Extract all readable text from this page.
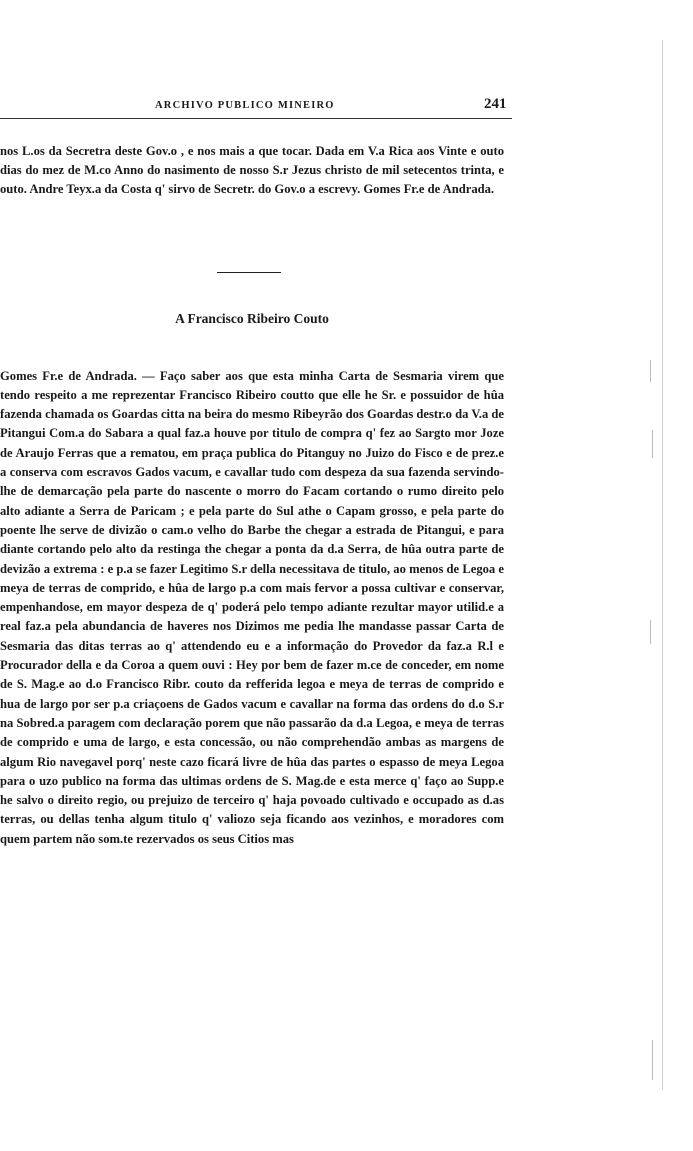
ARCHIVO PUBLICO MINEIRO	241

nos L.os da Secretra deste Gov.o , e nos mais a que tocar. Dada em V.a Rica aos Vinte e outo dias do mez de M.co Anno do nasimento de nosso S.r Jezus christo de mil setecentos trinta, e outo. Andre Teyx.a da Costa q' sirvo de Secretr. do Gov.o a escrevy. Gomes Fr.e de Andrada.

A Francisco Ribeiro Couto

Gomes Fr.e de Andrada. — Faço saber aos que esta minha Carta de Sesmaria virem que tendo respeito a me reprezentar Francisco Ribeiro coutto que elle he Sr. e possuidor de hûa fazenda chamada os Goardas citta na beira do mesmo Ribeyrão dos Goardas destr.o da V.a de Pitangui Com.a do Sabara a qual faz.a houve por titulo de compra q' fez ao Sargto mor Joze de Araujo Ferras que a rematou, em praça publica do Pitanguy no Juizo do Fisco e de prez.e a conserva com escravos Gados vacum, e cavallar tudo com despeza da sua fazenda servindo-lhe de demarcação pela parte do nascente o morro do Facam cortando o rumo direito pelo alto adiante a Serra de Paricam ; e pela parte do Sul athe o Capam grosso, e pela parte do poente lhe serve de divizão o cam.o velho do Barbe the chegar a estrada de Pitangui, e para diante cortando pelo alto da restinga the chegar a ponta da d.a Serra, de hûa outra parte de devizão a extrema : e p.a se fazer Legitimo S.r della necessitava de titulo, ao menos de Legoa e meya de terras de comprido, e hûa de largo p.a com mais fervor a possa cultivar e conservar, empenhandose, em mayor despeza de q' poderá pelo tempo adiante rezultar mayor utilid.e a real faz.a pela abundancia de haveres nos Dizimos me pedia lhe mandasse passar Carta de Sesmaria das ditas terras ao q' attendendo eu e a informação do Provedor da faz.a R.l e Procurador della e da Coroa a quem ouvi : Hey por bem de fazer m.ce de conceder, em nome de S. Mag.e ao d.o Francisco Ribr. couto da refferida legoa e meya de terras de comprido e hua de largo por ser p.a criaçoens de Gados vacum e cavallar na forma das ordens do d.o S.r na Sobred.a paragem com declaração porem que não passarão da d.a Legoa, e meya de terras de comprido e uma de largo, e esta concessão, ou não comprehendão ambas as margens de algum Rio navegavel porq' neste cazo ficará livre de hûa das partes o espasso de meya Legoa para o uzo publico na forma das ultimas ordens de S. Mag.de e esta merce q' faço ao Supp.e he salvo o direito regio, ou prejuizo de terceiro q' haja povoado cultivado e occupado as d.as terras, ou dellas tenha algum titulo q' valiozo seja ficando aos vezinhos, e moradores com quem partem não som.te rezervados os seus Citios mas
